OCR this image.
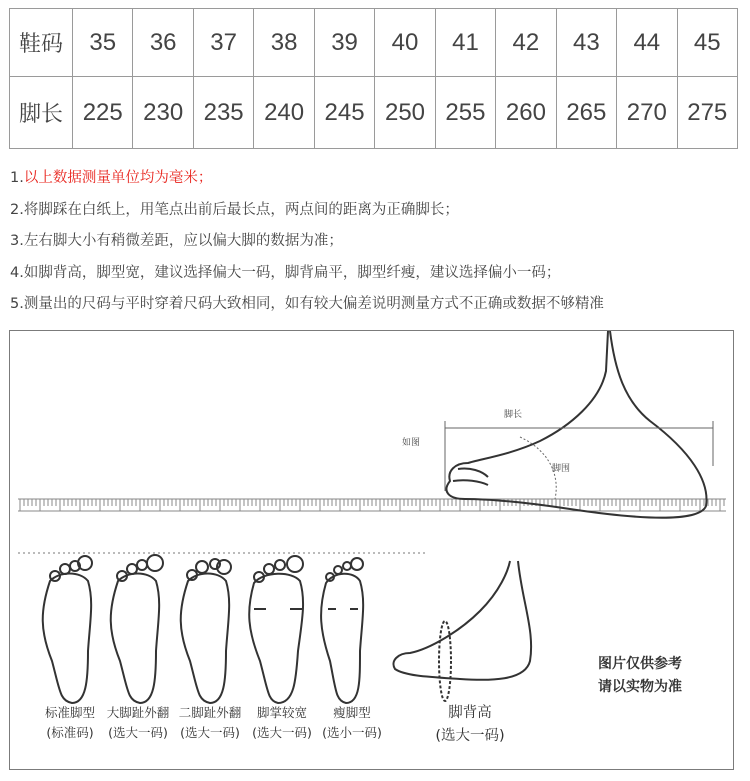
鞋码	35	36	37	38	39	40	41	42	43	44	45
脚长	225	230	235	240	245	250	255	260	265	270	275
1.以上数据测量单位均为毫米；
2.将脚踩在白纸上，用笔点出前后最长点，两点间的距离为正确脚长；
3.左右脚大小有稍微差距，应以偏大脚的数据为准；
4.如脚背高，脚型宽，建议选择偏大一码，脚背扁平，脚型纤瘦，建议选择偏小一码；
5.测量出的尺码与平时穿着尺码大致相同，如有较大偏差说明测量方式不正确或数据不够精准
脚长
如图
脚围
标准脚型
(标准码)
大脚趾外翻
(选大一码)
二脚趾外翻
(选大一码)
脚掌较宽
(选大一码)
瘦脚型
(选小一码)
脚背高
(选大一码)
图片仅供参考
请以实物为准
